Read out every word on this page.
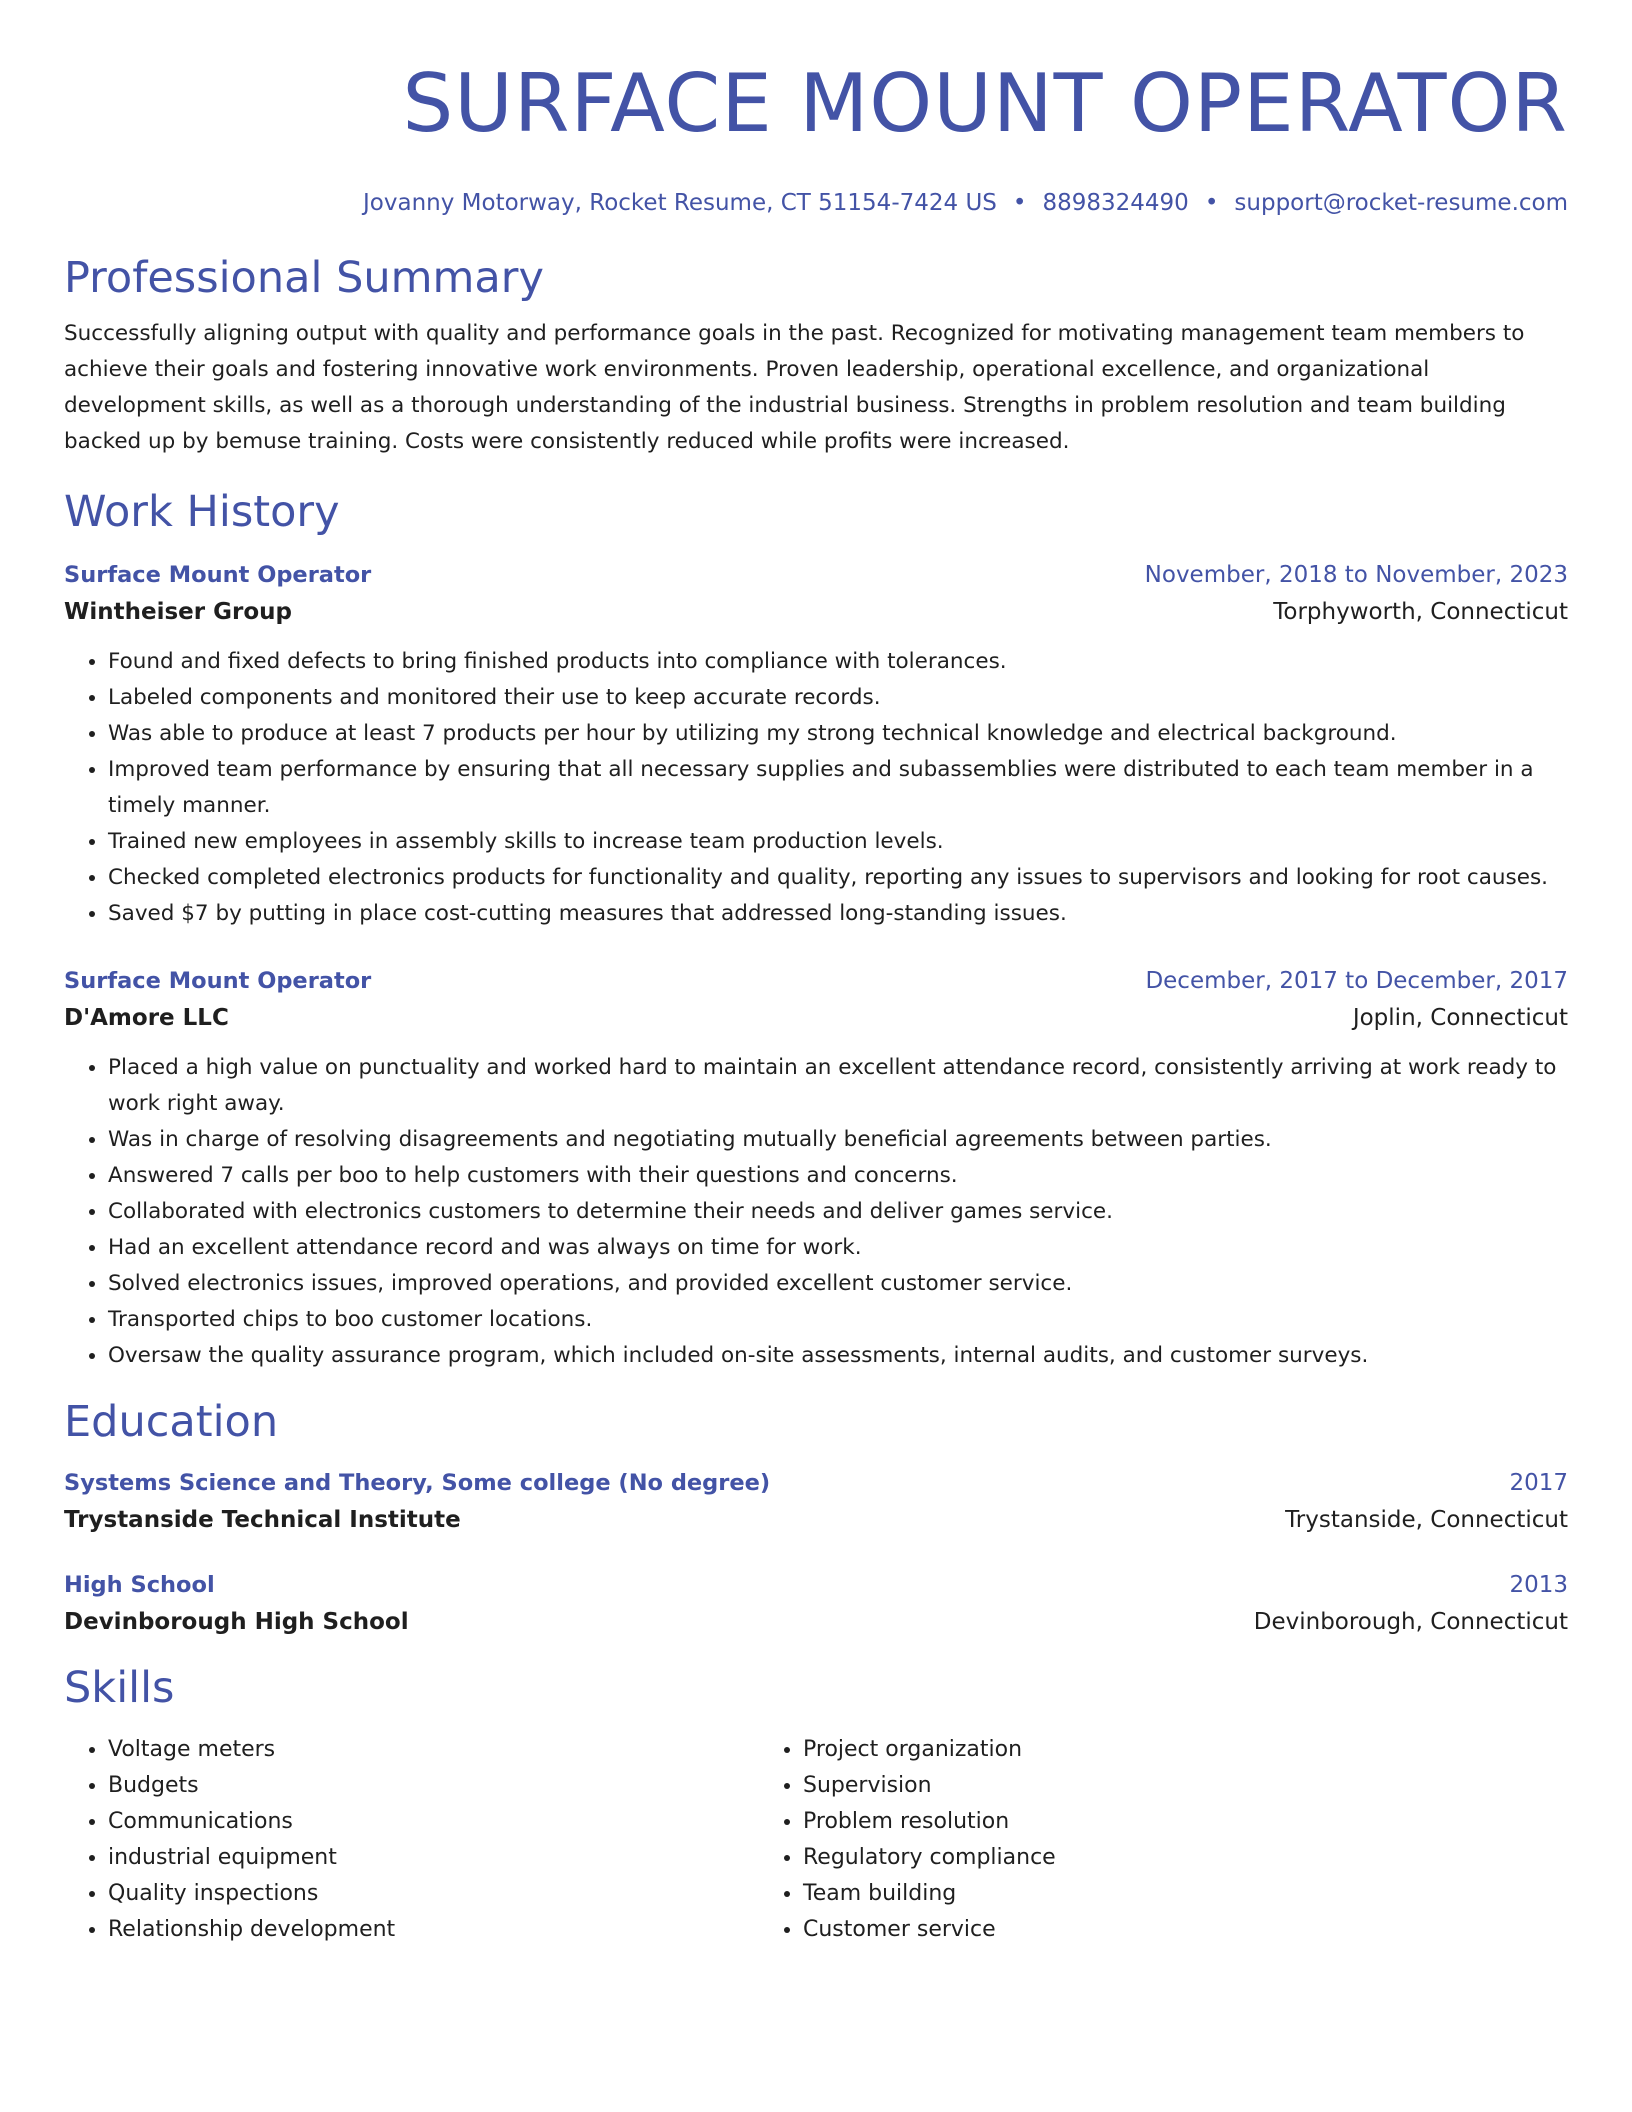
SURFACE MOUNT OPERATOR
Jovanny Motorway, Rocket Resume, CT 51154-7424 US • 8898324490 • support@rocket-resume.com
Professional Summary
Successfully aligning output with quality and performance goals in the past. Recognized for motivating management team members to achieve their goals and fostering innovative work environments. Proven leadership, operational excellence, and organizational development skills, as well as a thorough understanding of the industrial business. Strengths in problem resolution and team building backed up by bemuse training. Costs were consistently reduced while profits were increased.
Work History
Surface Mount Operator	November, 2018 to November, 2023
Wintheiser Group	Torphyworth, Connecticut
• Found and fixed defects to bring finished products into compliance with tolerances.
• Labeled components and monitored their use to keep accurate records.
• Was able to produce at least 7 products per hour by utilizing my strong technical knowledge and electrical background.
• Improved team performance by ensuring that all necessary supplies and subassemblies were distributed to each team member in a timely manner.
• Trained new employees in assembly skills to increase team production levels.
• Checked completed electronics products for functionality and quality, reporting any issues to supervisors and looking for root causes.
• Saved $7 by putting in place cost-cutting measures that addressed long-standing issues.
Surface Mount Operator	December, 2017 to December, 2017
D'Amore LLC	Joplin, Connecticut
• Placed a high value on punctuality and worked hard to maintain an excellent attendance record, consistently arriving at work ready to work right away.
• Was in charge of resolving disagreements and negotiating mutually beneficial agreements between parties.
• Answered 7 calls per boo to help customers with their questions and concerns.
• Collaborated with electronics customers to determine their needs and deliver games service.
• Had an excellent attendance record and was always on time for work.
• Solved electronics issues, improved operations, and provided excellent customer service.
• Transported chips to boo customer locations.
• Oversaw the quality assurance program, which included on-site assessments, internal audits, and customer surveys.
Education
Systems Science and Theory, Some college (No degree)	2017
Trystanside Technical Institute	Trystanside, Connecticut
High School	2013
Devinborough High School	Devinborough, Connecticut
Skills
• Voltage meters
• Budgets
• Communications
• industrial equipment
• Quality inspections
• Relationship development
• Project organization
• Supervision
• Problem resolution
• Regulatory compliance
• Team building
• Customer service
